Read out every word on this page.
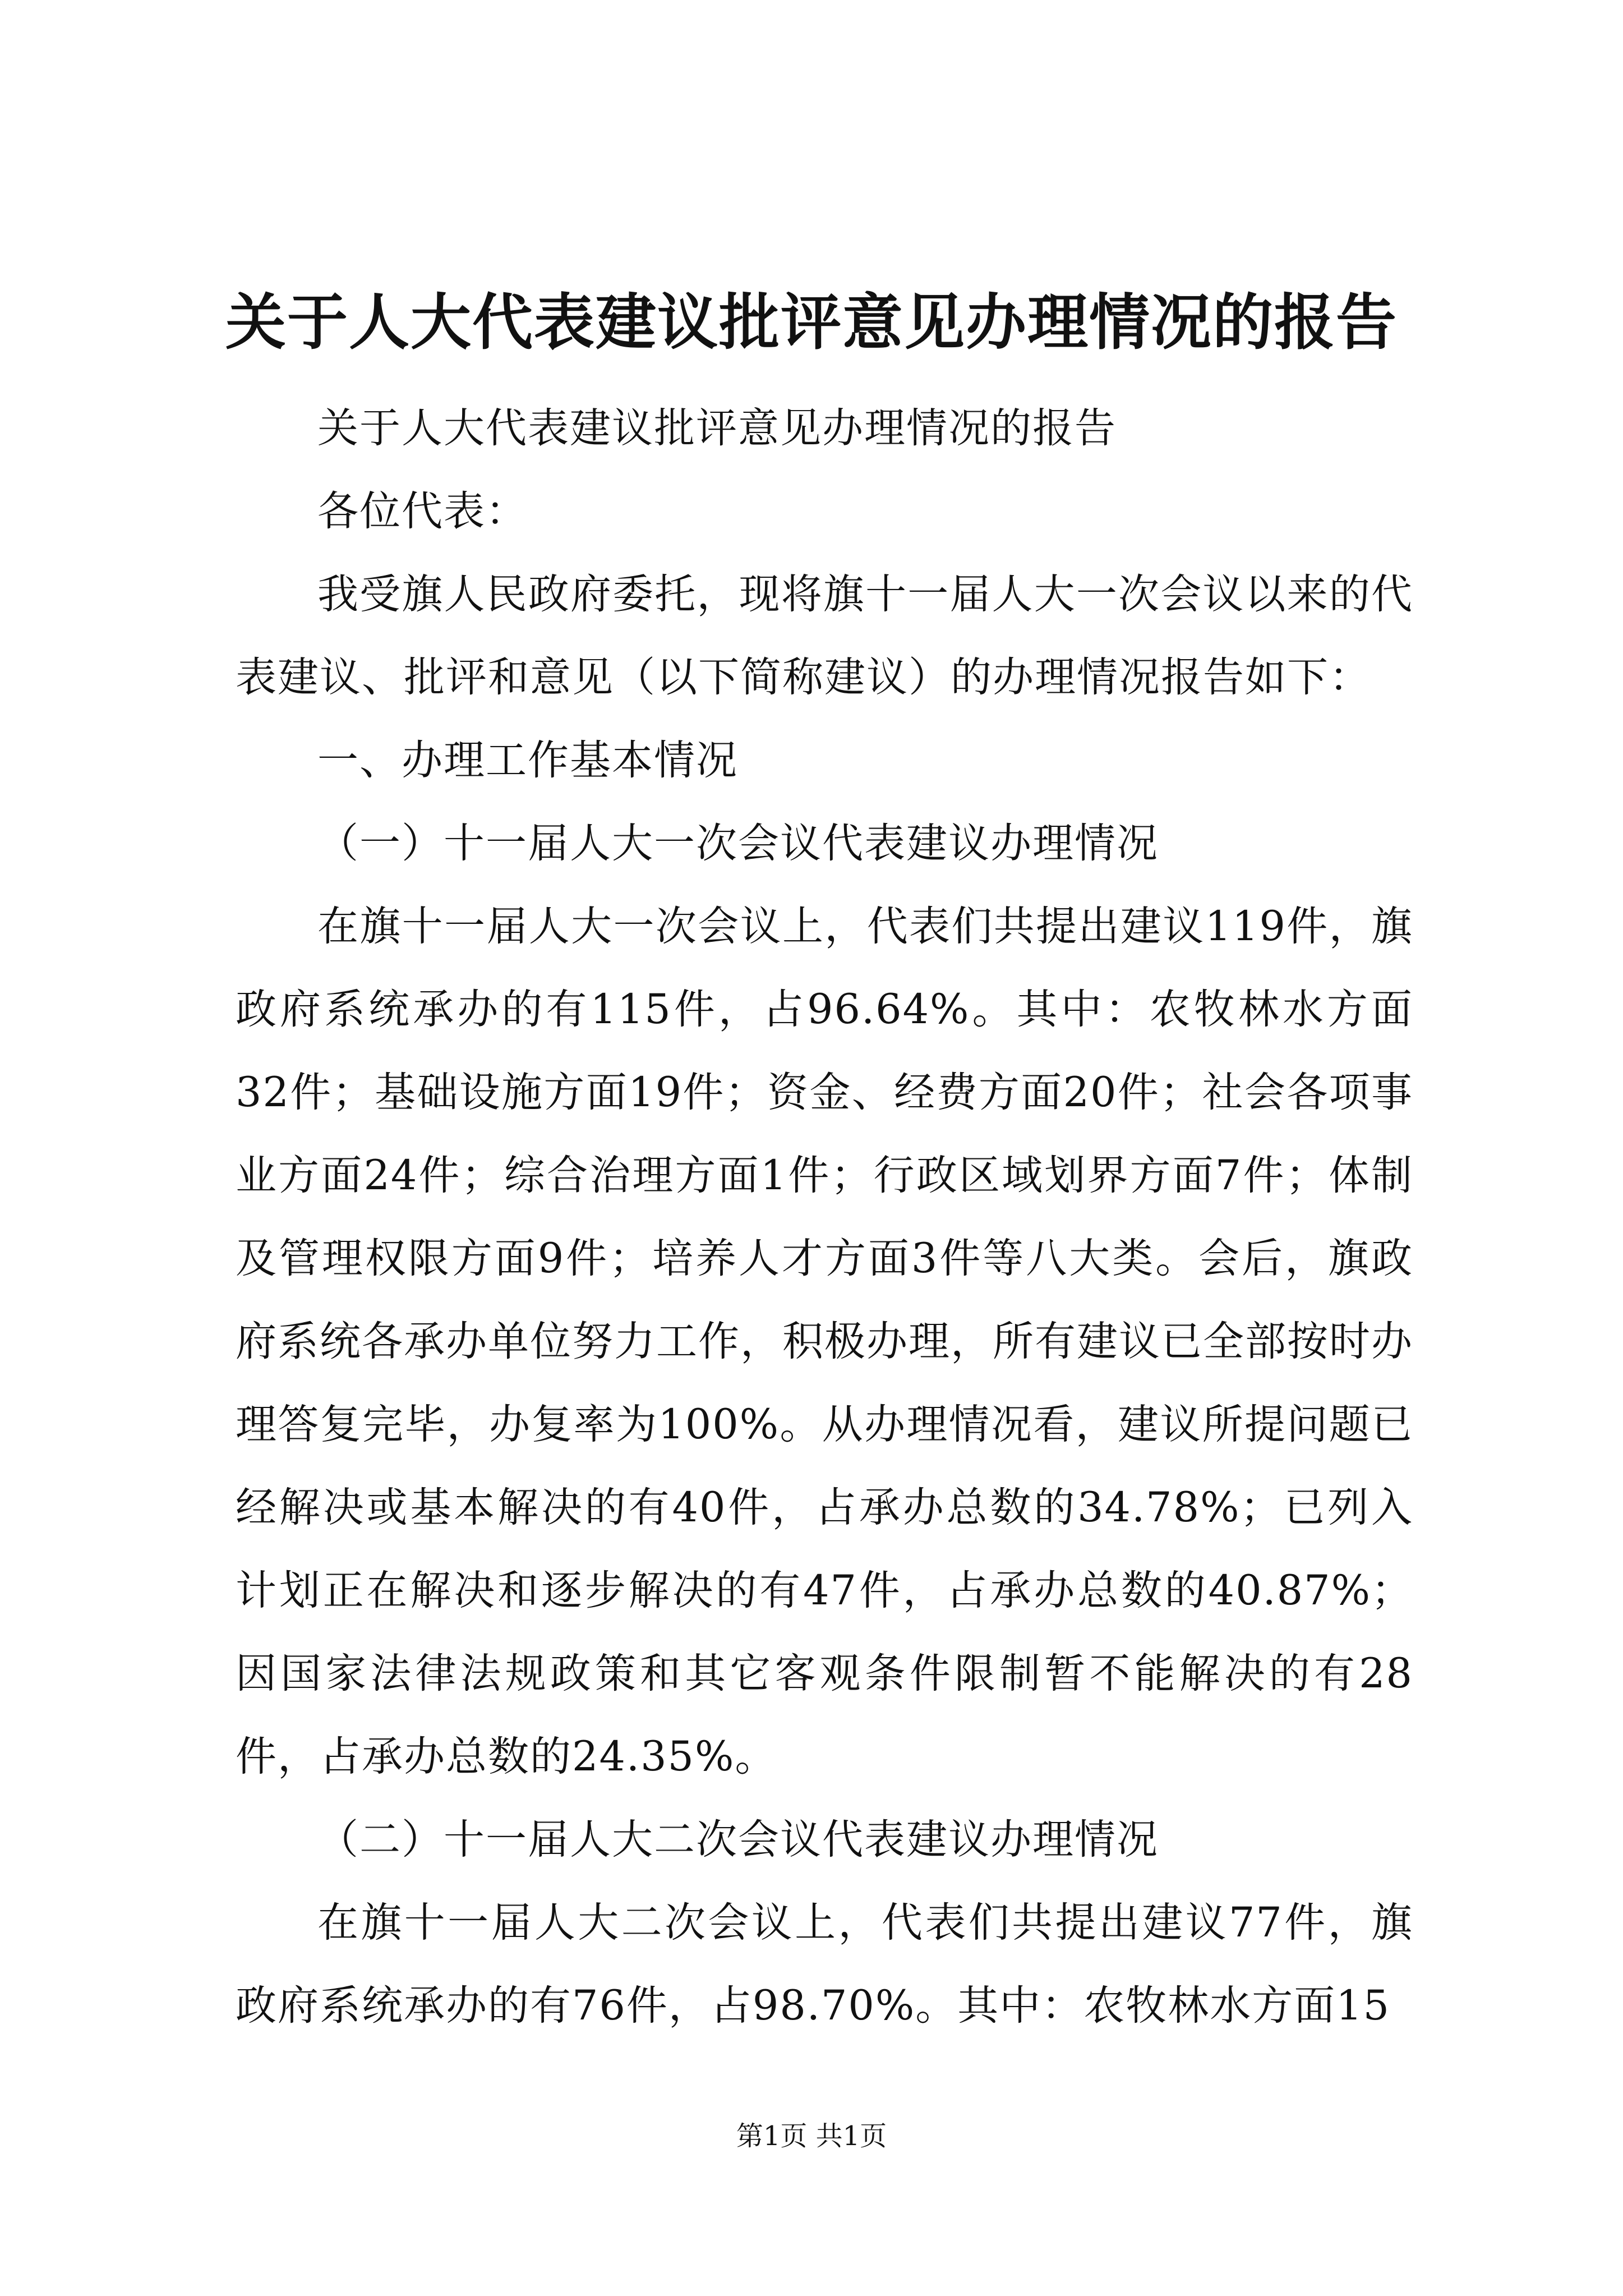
关于人大代表建议批评意见办理情况的报告

关于人大代表建议批评意见办理情况的报告

各位代表：

我受旗人民政府委托，现将旗十一届人大一次会议以来的代表建议、批评和意见（以下简称建议）的办理情况报告如下：

一、办理工作基本情况

（一）十一届人大一次会议代表建议办理情况

在旗十一届人大一次会议上，代表们共提出建议119件，旗政府系统承办的有115件，占96.64%。其中：农牧林水方面32件；基础设施方面19件；资金、经费方面20件；社会各项事业方面24件；综合治理方面1件；行政区域划界方面7件；体制及管理权限方面9件；培养人才方面3件等八大类。会后，旗政府系统各承办单位努力工作，积极办理，所有建议已全部按时办理答复完毕，办复率为100%。从办理情况看，建议所提问题已经解决或基本解决的有40件，占承办总数的34.78%；已列入计划正在解决和逐步解决的有47件，占承办总数的40.87%；因国家法律法规政策和其它客观条件限制暂不能解决的有28件，占承办总数的24.35%。

（二）十一届人大二次会议代表建议办理情况

在旗十一届人大二次会议上，代表们共提出建议77件，旗政府系统承办的有76件，占98.70%。其中：农牧林水方面15

第1页 共1页
